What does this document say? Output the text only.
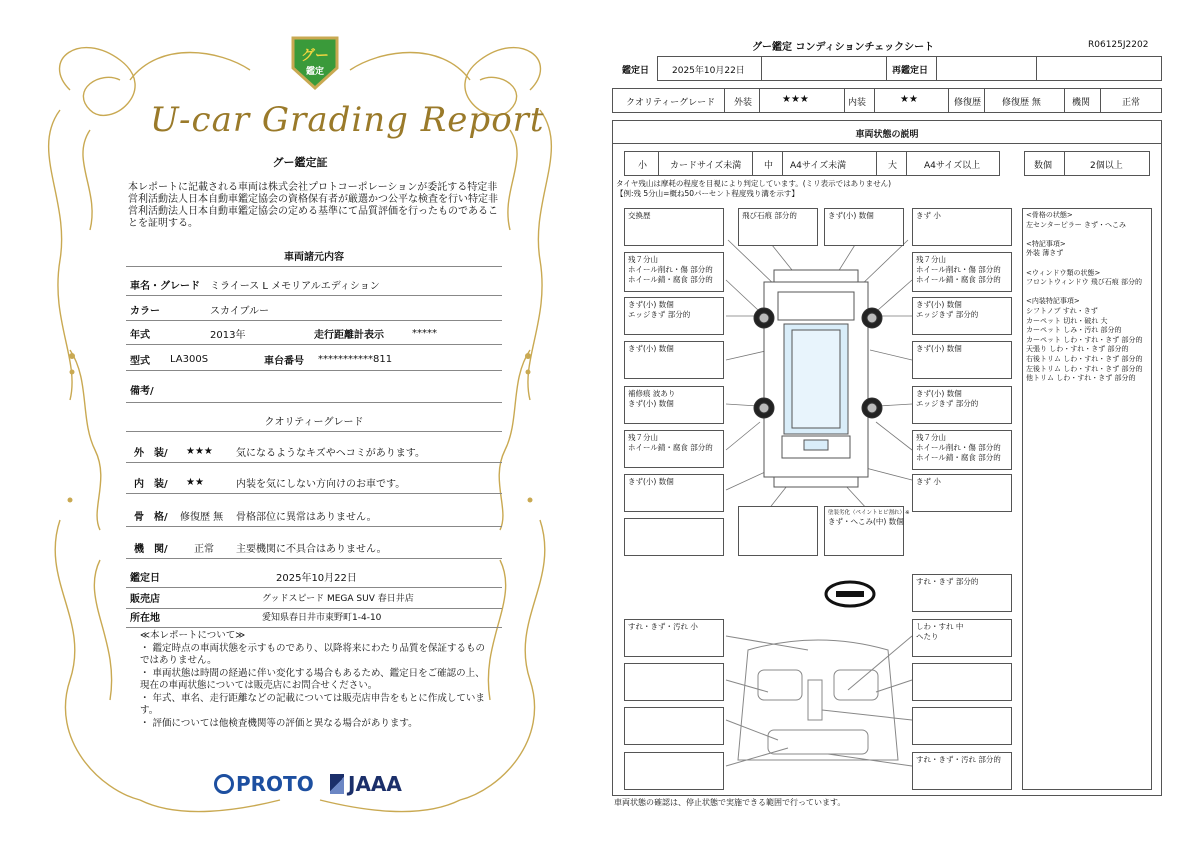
グー
鑑定
U-car Grading Report
グー鑑定証
本レポートに記載される車両は株式会社プロトコーポレーションが委託する特定非営利活動法人日本自動車鑑定協会の資格保有者が厳選かつ公平な検査を行い特定非営利活動法人日本自動車鑑定協会の定める基準にて品質評価を行ったものであることを証明する。
車両諸元内容
車名・グレード	ミライース L メモリアルエディション
カラー	スカイブルー
年式	2013年	走行距離計表示	*****
型式	LA300S	車台番号	***********811
備考/
クオリティーグレード
外　装/	★★★	気になるようなキズやヘコミがあります。
内　装/	★★	内装を気にしない方向けのお車です。
骨　格/	修復歴 無	骨格部位に異常はありません。
機　関/	正常	主要機関に不具合はありません。
鑑定日	2025年10月22日
販売店	グッドスピード MEGA SUV 春日井店
所在地	愛知県春日井市東野町1-4-10
≪本レポートについて≫
・ 鑑定時点の車両状態を示すものであり、以降将来にわたり品質を保証するものではありません。
・ 車両状態は時間の経過に伴い変化する場合もあるため、鑑定日をご確認の上、現在の車両状態については販売店にお問合せください。
・ 年式、車名、走行距離などの記載については販売店申告をもとに作成しています。
・ 評価については他検査機関等の評価と異なる場合があります。
PROTO	JAAA
グー鑑定 コンディションチェックシート	R06125J2202
鑑定日	2025年10月22日	再鑑定日
クオリティーグレード 外装	★★★	内装	★★	修復歴 修復歴 無	機関	正常
車両状態の説明
小	カードサイズ未満	中 A4サイズ未満	大	A4サイズ以上	数個	2個以上
タイヤ残山は摩耗の程度を目視により判定しています。(ミリ表示ではありません)
【例:残 5分山=概ね50パーセント程度残り溝を示す】
交換歴
残７分山
ホイール削れ・傷 部分的
ホイール錆・腐食 部分的
きず(小) 数個
エッジきず 部分的
きず(小) 数個
補修痕 波あり
きず(小) 数個
残７分山
ホイール錆・腐食 部分的
きず(小) 数個
飛び石痕 部分的	きず(小) 数個
塗装劣化（ペイントヒビ割れ）※
きず・へこみ(中) 数個
きず 小
残７分山
ホイール削れ・傷 部分的
ホイール錆・腐食 部分的
きず(小) 数個
エッジきず 部分的
きず(小) 数個
きず(小) 数個
エッジきず 部分的
残７分山
ホイール削れ・傷 部分的
ホイール錆・腐食 部分的
きず 小
<骨格の状態>
左センターピラー きず・へこみ

<特記事項>
外装 薄きず

<ウィンドウ類の状態>
フロントウィンドウ 飛び石痕 部分的

<内装特記事項>
シフトノブ すれ・きず
カーペット 切れ・破れ 大
カーペット しみ・汚れ 部分的
カーペット しわ・すれ・きず 部分的
天張り しわ・すれ・きず 部分的
右後トリム しわ・すれ・きず 部分的
左後トリム しわ・すれ・きず 部分的
他トリム しわ・すれ・きず 部分的
すれ・きず 部分的
しわ・すれ 中
へたり
すれ・きず・汚れ 部分的
すれ・きず・汚れ 小
車両状態の確認は、停止状態で実施できる範囲で行っています。
